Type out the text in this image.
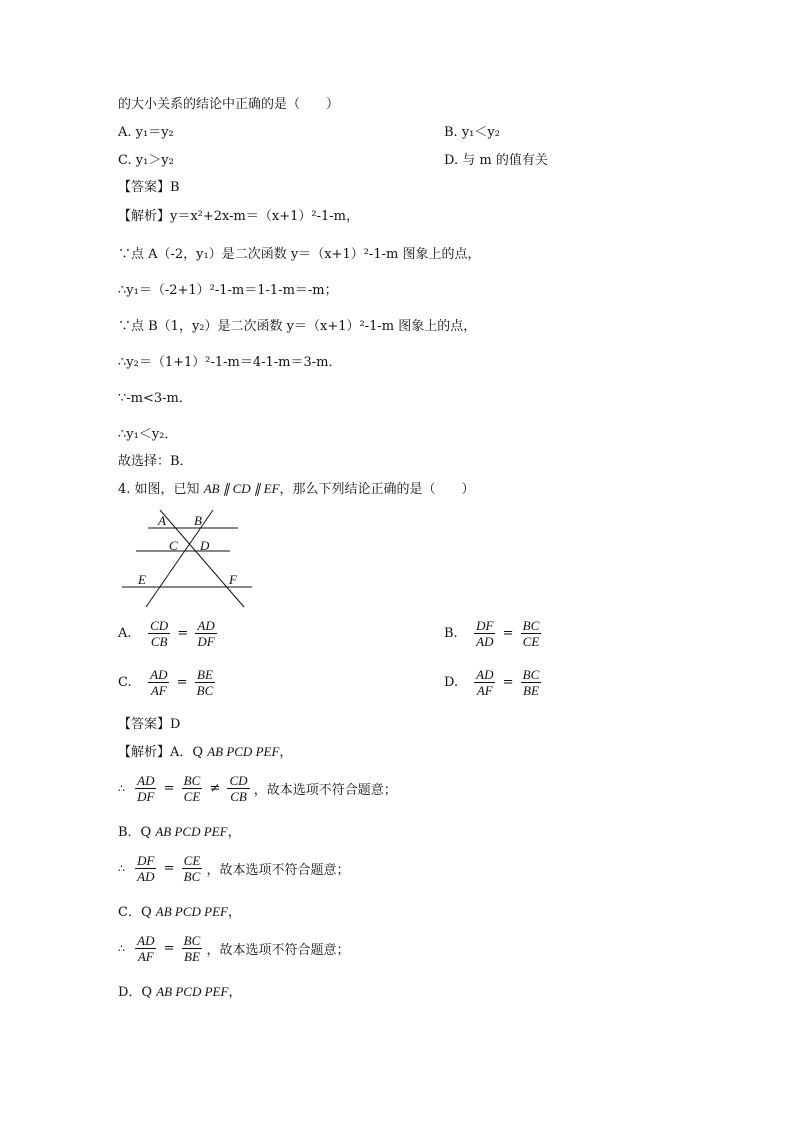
的大小关系的结论中正确的是（　　）
A. y₁＝y₂	B. y₁＜y₂
C. y₁＞y₂	D. 与 m 的值有关
【答案】B
【解析】y＝x²+2x-m＝（x+1）²-1-m，
∵点 A（-2，y₁）是二次函数 y＝（x+1）²-1-m 图象上的点，
∴y₁＝（-2+1）²-1-m＝1-1-m＝-m；
∵点 B（1，y₂）是二次函数 y＝（x+1）²-1-m 图象上的点，
∴y₂＝（1+1）²-1-m＝4-1-m＝3-m．
∵-m<3-m．
∴y₁＜y₂．
故选择：B．
4. 如图，已知 AB ∥ CD ∥ EF，那么下列结论正确的是（　　）
A B
C D
E	F
A. $\frac{CD}{CB} = \frac{AD}{DF}$	B. $\frac{DF}{AD} = \frac{BC}{CE}$
C. $\frac{AD}{AF} = \frac{BE}{BC}$	D. $\frac{AD}{AF} = \frac{BC}{BE}$
【答案】D
【解析】A．Q AB PCD PEF，
∴ $\frac{AD}{DF} = \frac{BC}{CE} \ne \frac{CD}{CB}$ ，故本选项不符合题意；
B．Q AB PCD PEF，
∴ $\frac{DF}{AD} = \frac{CE}{BC}$ ，故本选项不符合题意；
C．Q AB PCD PEF，
∴ $\frac{AD}{AF} = \frac{BC}{BE}$ ，故本选项不符合题意；
D．Q AB PCD PEF，
